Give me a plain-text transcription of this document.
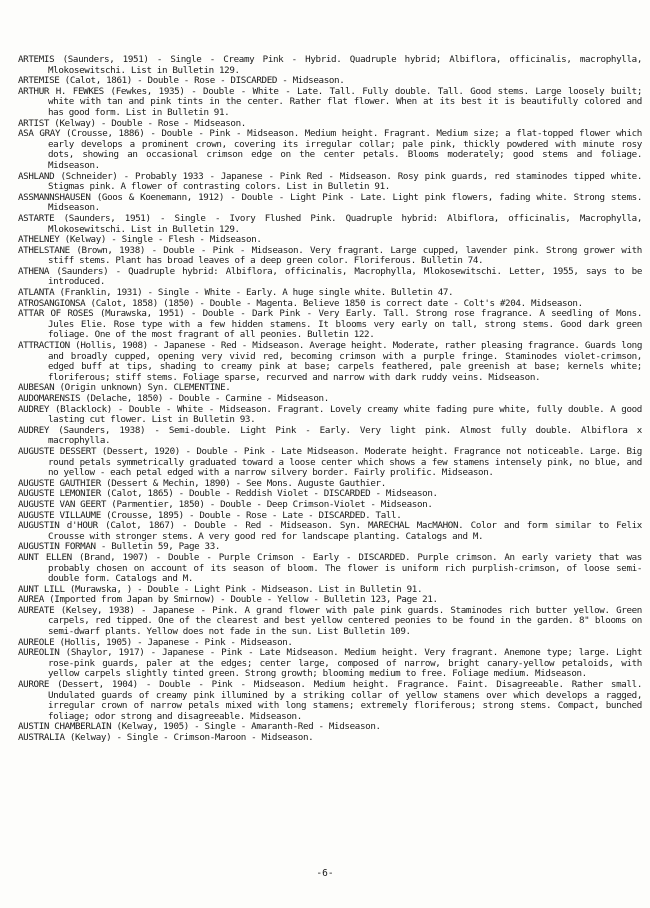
ARTEMIS (Saunders, 1951) - Single - Creamy Pink - Hybrid. Quadruple hybrid; Albiflora, officinalis, macrophylla, Mlokosewitschi. List in Bulletin 129.

ARTEMISE (Calot, 1861) - Double - Rose - DISCARDED - Midseason.

ARTHUR H. FEWKES (Fewkes, 1935) - Double - White - Late. Tall. Fully double. Tall. Good stems. Large loosely built; white with tan and pink tints in the center. Rather flat flower. When at its best it is beautifully colored and has good form. List in Bulletin 91.

ARTIST (Kelway) - Double - Rose - Midseason.

ASA GRAY (Crousse, 1886) - Double - Pink - Midseason. Medium height. Fragrant. Medium size; a flat-topped flower which early develops a prominent crown, covering its irregular collar; pale pink, thickly powdered with minute rosy dots, showing an occasional crimson edge on the center petals. Blooms moderately; good stems and foliage. Midseason.

ASHLAND (Schneider) - Probably 1933 - Japanese - Pink Red - Midseason. Rosy pink guards, red staminodes tipped white. Stigmas pink. A flower of contrasting colors. List in Bulletin 91.

ASSMANNSHAUSEN (Goos & Koenemann, 1912) - Double - Light Pink - Late. Light pink flowers, fading white. Strong stems. Midseason.

ASTARTE (Saunders, 1951) - Single - Ivory Flushed Pink. Quadruple hybrid: Albiflora, officinalis, Macrophylla, Mlokosewitschi. List in Bulletin 129.

ATHELNEY (Kelway) - Single - Flesh - Midseason.

ATHELSTANE (Brown, 1938) - Double - Pink - Midseason. Very fragrant. Large cupped, lavender pink. Strong grower with stiff stems. Plant has broad leaves of a deep green color. Floriferous. Bulletin 74.

ATHENA (Saunders) - Quadruple hybrid: Albiflora, officinalis, Macrophylla, Mlokosewitschi. Letter, 1955, says to be introduced.

ATLANTA (Franklin, 1931) - Single - White - Early. A huge single white. Bulletin 47.

ATROSANGIONSA (Calot, 1858) (1850) - Double - Magenta. Believe 1850 is correct date - Colt's #204. Midseason.

ATTAR OF ROSES (Murawska, 1951) - Double - Dark Pink - Very Early. Tall. Strong rose fragrance. A seedling of Mons. Jules Elie. Rose type with a few hidden stamens. It blooms very early on tall, strong stems. Good dark green foliage. One of the most fragrant of all peonies. Bulletin 122.

ATTRACTION (Hollis, 1908) - Japanese - Red - Midseason. Average height. Moderate, rather pleasing fragrance. Guards long and broadly cupped, opening very vivid red, becoming crimson with a purple fringe. Staminodes violet-crimson, edged buff at tips, shading to creamy pink at base; carpels feathered, pale greenish at base; kernels white; floriferous; stiff stems. Foliage sparse, recurved and narrow with dark ruddy veins. Midseason.

AUBESAN (Origin unknown) Syn. CLEMENTINE.

AUDOMARENSIS (Delache, 1850) - Double - Carmine - Midseason.

AUDREY (Blacklock) - Double - White - Midseason. Fragrant. Lovely creamy white fading pure white, fully double. A good lasting cut flower. List in Bulletin 93.

AUDREY (Saunders, 1938) - Semi-double. Light Pink - Early. Very light pink. Almost fully double. Albiflora x macrophylla.

AUGUSTE DESSERT (Dessert, 1920) - Double - Pink - Late Midseason. Moderate height. Fragrance not noticeable. Large. Big round petals symmetrically graduated toward a loose center which shows a few stamens intensely pink, no blue, and no yellow - each petal edged with a narrow silvery border. Fairly prolific. Midseason.

AUGUSTE GAUTHIER (Dessert & Mechin, 1890) - See Mons. Auguste Gauthier.

AUGUSTE LEMONIER (Calot, 1865) - Double - Reddish Violet - DISCARDED - Midseason.

AUGUSTE VAN GEERT (Parmentier, 1850) - Double - Deep Crimson-Violet - Midseason.

AUGUSTE VILLAUME (Crousse, 1895) - Double - Rose - Late - DISCARDED. Tall.

AUGUSTIN d'HOUR (Calot, 1867) - Double - Red - Midseason. Syn. MARECHAL MacMAHON. Color and form similar to Felix Crousse with stronger stems. A very good red for landscape planting. Catalogs and M.

AUGUSTIN FORMAN - Bulletin 59, Page 33.

AUNT ELLEN (Brand, 1907) - Double - Purple Crimson - Early - DISCARDED. Purple crimson. An early variety that was probably chosen on account of its season of bloom. The flower is uniform rich purplish-crimson, of loose semi-double form. Catalogs and M.

AUNT LILL (Murawska, ) - Double - Light Pink - Midseason. List in Bulletin 91.

AUREA (Imported from Japan by Smirnow) - Double - Yellow - Bulletin 123, Page 21.

AUREATE (Kelsey, 1938) - Japanese - Pink. A grand flower with pale pink guards. Staminodes rich butter yellow. Green carpels, red tipped. One of the clearest and best yellow centered peonies to be found in the garden. 8" blooms on semi-dwarf plants. Yellow does not fade in the sun. List Bulletin 109.

AUREOLE (Hollis, 1905) - Japanese - Pink - Midseason.

AUREOLIN (Shaylor, 1917) - Japanese - Pink - Late Midseason. Medium height. Very fragrant. Anemone type; large. Light rose-pink guards, paler at the edges; center large, composed of narrow, bright canary-yellow petaloids, with yellow carpels slightly tinted green. Strong growth; blooming medium to free. Foliage medium. Midseason.

AURORE (Dessert, 1904) - Double - Pink - Midseason. Medium height. Fragrance. Faint. Disagreeable. Rather small. Undulated guards of creamy pink illumined by a striking collar of yellow stamens over which develops a ragged, irregular crown of narrow petals mixed with long stamens; extremely floriferous; strong stems. Compact, bunched foliage; odor strong and disagreeable. Midseason.

AUSTIN CHAMBERLAIN (Kelway, 1905) - Single - Amaranth-Red - Midseason.

AUSTRALIA (Kelway) - Single - Crimson-Maroon - Midseason.

-6-
